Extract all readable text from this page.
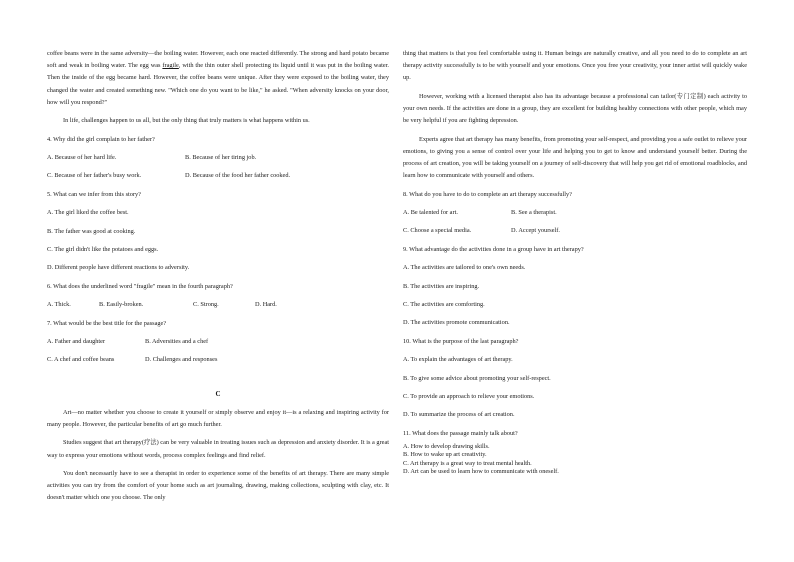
coffee beans were in the same adversity—the boiling water. However, each one reacted differently. The strong and hard potato became soft and weak in boiling water. The egg was fragile, with the thin outer shell protecting its liquid until it was put in the boiling water. Then the inside of the egg became hard. However, the coffee beans were unique. After they were exposed to the boiling water, they changed the water and created something new. "Which one do you want to be like," he asked. "When adversity knocks on your door, how will you respond?"

In life, challenges happen to us all, but the only thing that truly matters is what happens within us.

4. Why did the girl complain to her father?

A. Because of her hard life.	B. Because of her tiring job.
C. Because of her father's busy work.	D. Because of the food her father cooked.

5. What can we infer from this story?

A. The girl liked the coffee best.

B. The father was good at cooking.

C. The girl didn't like the potatoes and eggs.

D. Different people have different reactions to adversity.

6. What does the underlined word "fragile" mean in the fourth paragraph?

A. Thick.	B. Easily-broken.	C. Strong.	D. Hard.

7. What would be the best title for the passage?

A. Father and daughter	B. Adversities and a chef
C. A chef and coffee beans	D. Challenges and responses

C

Art—no matter whether you choose to create it yourself or simply observe and enjoy it—is a relaxing and inspiring activity for many people. However, the particular benefits of art go much further.

Studies suggest that art therapy(疗法) can be very valuable in treating issues such as depression and anxiety disorder. It is a great way to express your emotions without words, process complex feelings and find relief.

You don't necessarily have to see a therapist in order to experience some of the benefits of art therapy. There are many simple activities you can try from the comfort of your home such as art journaling, drawing, making collections, sculpting with clay, etc. It doesn't matter which one you choose. The only

thing that matters is that you feel comfortable using it. Human beings are naturally creative, and all you need to do to complete an art therapy activity successfully is to be with yourself and your emotions. Once you free your creativity, your inner artist will quickly wake up.

However, working with a licensed therapist also has its advantage because a professional can tailor(专门定制) each activity to your own needs. If the activities are done in a group, they are excellent for building healthy connections with other people, which may be very helpful if you are fighting depression.

Experts agree that art therapy has many benefits, from promoting your self-respect, and providing you a safe outlet to relieve your emotions, to giving you a sense of control over your life and helping you to get to know and understand yourself better. During the process of art creation, you will be taking yourself on a journey of self-discovery that will help you get rid of emotional roadblocks, and learn how to communicate with yourself and others.

8. What do you have to do to complete an art therapy successfully?

A. Be talented for art.	B. See a therapist.
C. Choose a special media.	D. Accept yourself.

9. What advantage do the activities done in a group have in art therapy?

A. The activities are tailored to one's own needs.

B. The activities are inspiring.

C. The activities are comforting.

D. The activities promote communication.

10. What is the purpose of the last paragraph?

A. To explain the advantages of art therapy.

B. To give some advice about promoting your self-respect.

C. To provide an approach to relieve your emotions.

D. To summarize the process of art creation.

11. What does the passage mainly talk about?

A. How to develop drawing skills.

B. How to wake up art creativity.

C. Art therapy is a great way to treat mental health.

D. Art can be used to learn how to communicate with oneself.
